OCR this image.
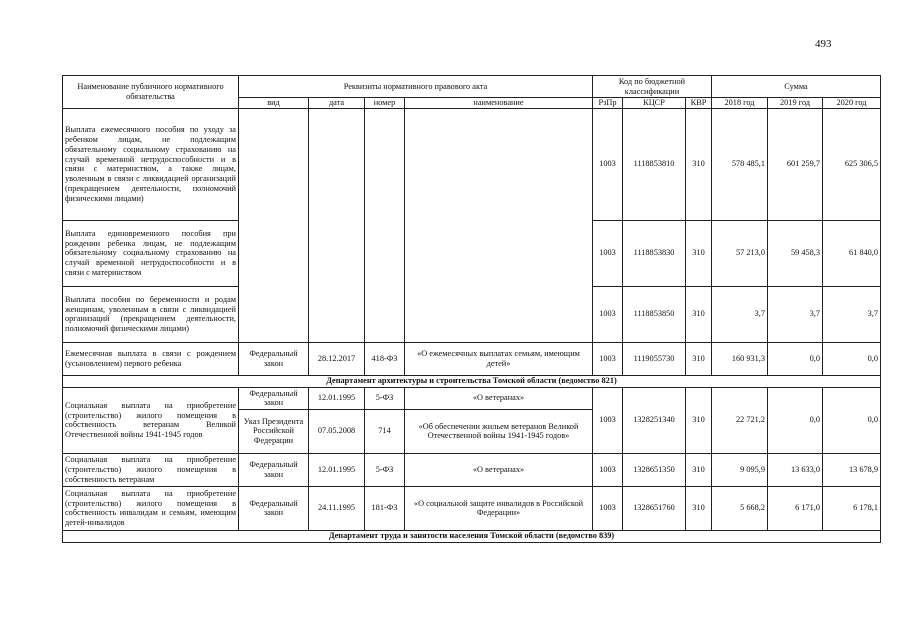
493
Наименование публичного нормативного обязательства	Реквизиты нормативного правового акта				Код по бюджетной классификации			Сумма		
	вид	дата	номер	наименование	РзПр	КЦСР	КВР	2018 год	2019 год	2020 год
Выплата ежемесячного пособия по уходу за ребенком лицам, не подлежащим обязательному социальному страхованию на случай временной нетрудоспособности и в связи с материнством, а также лицам, уволенным в связи с ликвидацией организаций (прекращением деятельности, полномочий физическими лицами)					1003	1118853810	310	578 485,1	601 259,7	625 306,5
Выплата единовременного пособия при рождении ребенка лицам, не подлежащим обязательному социальному страхованию на случай временной нетрудоспособности и в связи с материнством					1003	1118853830	310	57 213,0	59 458,3	61 840,0
Выплата пособия по беременности и родам женщинам, уволенным в связи с ликвидацией организаций (прекращением деятельности, полномочий физическими лицами)					1003	1118853850	310	3,7	3,7	3,7
Ежемесячная выплата в связи с рождением (усыновлением) первого ребенка	Федеральный закон	28.12.2017	418-ФЗ	«О ежемесячных выплатах семьям, имеющим детей»	1003	1119055730	310	160 931,3	0,0	0,0
Департамент архитектуры и строительства Томской области (ведомство 821)										
Социальная выплата на приобретение (строительство) жилого помещения в собственность ветеранам Великой Отечественной войны 1941-1945 годов	Федеральный закон	12.01.1995	5-ФЗ	«О ветеранах»	1003	1328251340	310	22 721,2	0,0	0,0
	Указ Президента Российской Федерации	07.05.2008	714	«Об обеспечении жильем ветеранов Великой Отечественной войны 1941-1945 годов»						
Социальная выплата на приобретение (строительство) жилого помещения в собственность ветеранам	Федеральный закон	12.01.1995	5-ФЗ	«О ветеранах»	1003	1328651350	310	9 095,9	13 633,0	13 678,9
Социальная выплата на приобретение (строительство) жилого помещения в собственность инвалидам и семьям, имеющим детей-инвалидов	Федеральный закон	24.11.1995	181-ФЗ	«О социальной защите инвалидов в Российской Федерации»	1003	1328651760	310	5 668,2	6 171,0	6 178,1
Департамент труда и занятости населения Томской области (ведомство 839)										
